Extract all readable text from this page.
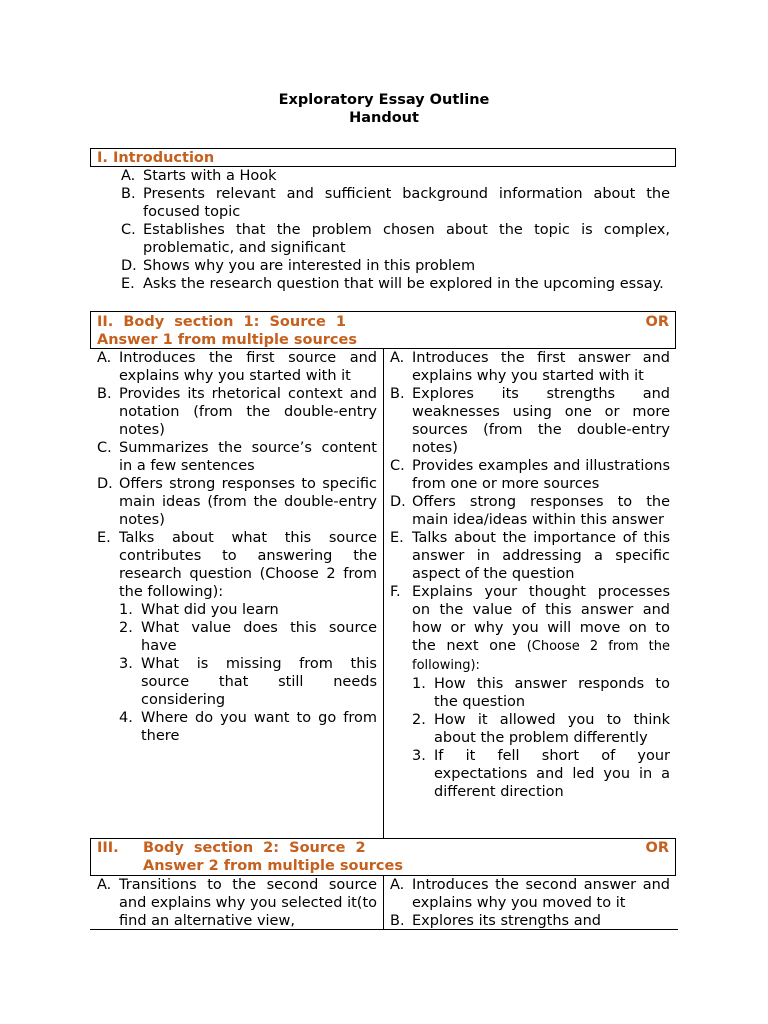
Exploratory Essay Outline
Handout
I. Introduction
A. Starts with a Hook
B. Presents relevant and sufficient background information about the focused topic
C. Establishes that the problem chosen about the topic is complex, problematic, and significant
D. Shows why you are interested in this problem
E. Asks the research question that will be explored in the upcoming essay.
II. Body section 1: Source 1	OR
Answer 1 from multiple sources
A. Introduces the first source and explains why you started with it
B. Provides its rhetorical context and notation (from the double-entry notes)
C. Summarizes the source’s content in a few sentences
D. Offers strong responses to specific main ideas (from the double-entry notes)
E. Talks about what this source contributes to answering the research question (Choose 2 from the following):
1. What did you learn
2. What value does this source have
3. What is missing from this source that still needs considering
4. Where do you want to go from there
A. Introduces the first answer and explains why you started with it
B. Explores its strengths and weaknesses using one or more sources (from the double-entry notes)
C. Provides examples and illustrations from one or more sources
D. Offers strong responses to the main idea/ideas within this answer
E. Talks about the importance of this answer in addressing a specific aspect of the question
F. Explains your thought processes on the value of this answer and how or why you will move on to the next one (Choose 2 from the following):
1. How this answer responds to the question
2. How it allowed you to think about the problem differently
3. If it fell short of your expectations and led you in a different direction
III. Body section 2: Source 2	OR
Answer 2 from multiple sources
A. Transitions to the second source and explains why you selected it(to find an alternative view,
A. Introduces the second answer and explains why you moved to it
B. Explores its strengths and
